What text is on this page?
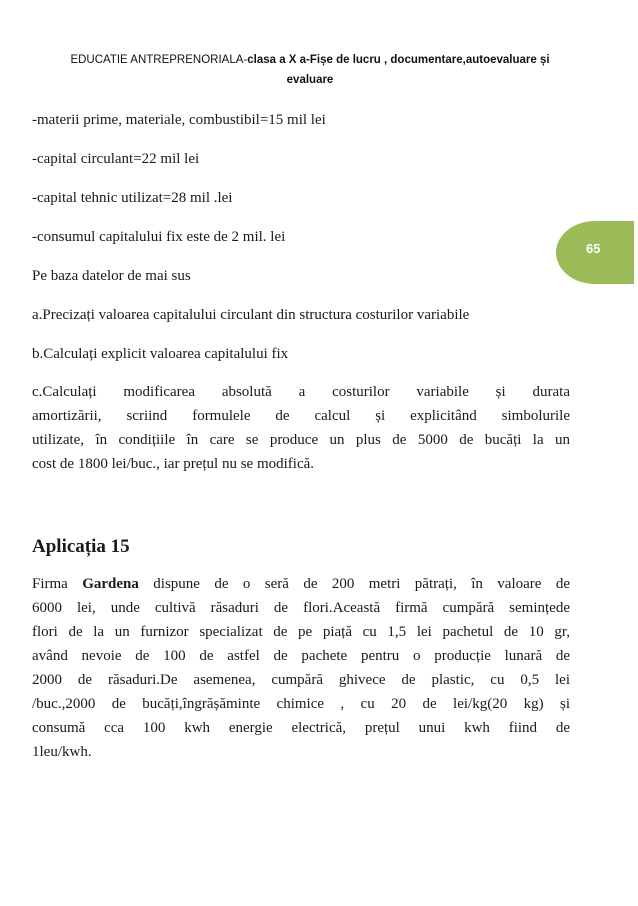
EDUCATIE ANTREPRENORIALA-clasa a X a-Fișe de lucru , documentare,autoevaluare și
evaluare
65
-materii prime, materiale, combustibil=15 mil lei
-capital circulant=22 mil lei
-capital tehnic utilizat=28 mil .lei
-consumul capitalului fix este de 2 mil. lei
Pe baza datelor de mai sus
a.Precizați valoarea capitalului circulant din structura costurilor variabile
b.Calculați explicit valoarea capitalului fix
c.Calculați modificarea absolută a costurilor variabile și durata
amortizării, scriind formulele de calcul și explicitând simbolurile
utilizate, în condițiile în care se produce un plus de 5000 de bucăți la un
cost de 1800 lei/buc., iar prețul nu se modifică.
Firma Gardena dispune de o seră de 200 metri pătrați, în valoare de
6000 lei, unde cultivă răsaduri de flori.Această firmă cumpără semințede
flori de la un furnizor specializat de pe piață cu 1,5 lei pachetul de 10 gr,
având nevoie de 100 de astfel de pachete pentru o producție lunară de
2000 de răsaduri.De asemenea, cumpără ghivece de plastic, cu 0,5 lei
/buc.,2000 de bucăți,îngrășăminte chimice , cu 20 de lei/kg(20 kg) și
consumă cca 100 kwh energie electrică, prețul unui kwh fiind de
1leu/kwh.
Aplicația 15
